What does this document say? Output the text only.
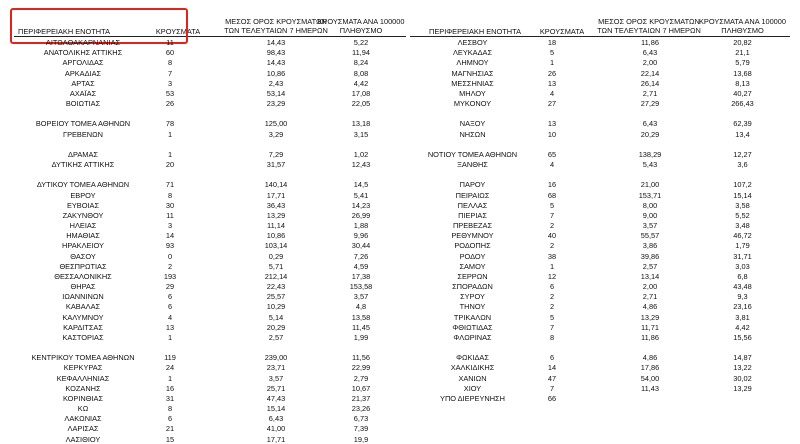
ΠΕΡΙΦΕΡΕΙΑΚΗ ΕΝΟΤΗΤΑ	ΚΡΟΥΣΜΑΤΑ
ΜΕΣΟΣ ΟΡΟΣ ΚΡΟΥΣΜΑΤΩΝ
ΤΩΝ ΤΕΛΕΥΤΑΙΩΝ 7 ΗΜΕΡΩΝ
ΚΡΟΥΣΜΑΤΑ ΑΝΑ 100000
ΠΛΗΘΥΣΜΟ	ΠΕΡΙΦΕΡΕΙΑΚΗ ΕΝΟΤΗΤΑ	ΚΡΟΥΣΜΑΤΑ
ΜΕΣΟΣ ΟΡΟΣ ΚΡΟΥΣΜΑΤΩΝ
ΤΩΝ ΤΕΛΕΥΤΑΙΩΝ 7 ΗΜΕΡΩΝ
ΚΡΟΥΣΜΑΤΑ ΑΝΑ 100000
ΠΛΗΘΥΣΜΟ
ΑΙΤΩΛΟΑΚΑΡΝΑΝΙΑΣ	11	14,43	5,22
ΑΝΑΤΟΛΙΚΗΣ ΑΤΤΙΚΗΣ	60	98,43	11,94
ΑΡΓΟΛΙΔΑΣ	8	14,43	8,24
ΑΡΚΑΔΙΑΣ	7	10,86	8,08
ΑΡΤΑΣ	3	2,43	4,42
ΑΧΑΪΑΣ	53	53,14	17,08
ΒΟΙΩΤΙΑΣ	26	23,29	22,05
ΒΟΡΕΙΟΥ ΤΟΜΕΑ ΑΘΗΝΩΝ	78	125,00	13,18
ΓΡΕΒΕΝΩΝ	1	3,29	3,15
ΔΡΑΜΑΣ	1	7,29	1,02
ΔΥΤΙΚΗΣ ΑΤΤΙΚΗΣ	20	31,57	12,43
ΔΥΤΙΚΟΥ ΤΟΜΕΑ ΑΘΗΝΩΝ	71	140,14	14,5
ΕΒΡΟΥ	8	17,71	5,41
ΕΥΒΟΙΑΣ	30	36,43	14,23
ΖΑΚΥΝΘΟΥ	11	13,29	26,99
ΗΛΕΙΑΣ	3	11,14	1,88
ΗΜΑΘΙΑΣ	14	10,86	9,96
ΗΡΑΚΛΕΙΟΥ	93	103,14	30,44
ΘΑΣΟΥ	0	0,29	7,26
ΘΕΣΠΡΩΤΙΑΣ	2	5,71	4,59
ΘΕΣΣΑΛΟΝΙΚΗΣ	193	212,14	17,38
ΘΗΡΑΣ	29	22,43	153,58
ΙΩΑΝΝΙΝΩΝ	6	25,57	3,57
ΚΑΒΑΛΑΣ	6	10,29	4,8
ΚΑΛΥΜΝΟΥ	4	5,14	13,58
ΚΑΡΔΙΤΣΑΣ	13	20,29	11,45
ΚΑΣΤΟΡΙΑΣ	1	2,57	1,99
ΚΕΝΤΡΙΚΟΥ ΤΟΜΕΑ ΑΘΗΝΩΝ	119	239,00	11,56
ΚΕΡΚΥΡΑΣ	24	23,71	22,99
ΚΕΦΑΛΛΗΝΙΑΣ	1	3,57	2,79
ΚΟΖΑΝΗΣ	16	25,71	10,67
ΚΟΡΙΝΘΙΑΣ	31	47,43	21,37
ΚΩ	8	15,14	23,26
ΛΑΚΩΝΙΑΣ	6	6,43	6,73
ΛΑΡΙΣΑΣ	21	41,00	7,39
ΛΑΣΙΘΙΟΥ	15	17,71	19,9
ΛΕΣΒΟΥ	18	11,86	20,82
ΛΕΥΚΑΔΑΣ	5	6,43	21,1
ΛΗΜΝΟΥ	1	2,00	5,79
ΜΑΓΝΗΣΙΑΣ	26	22,14	13,68
ΜΕΣΣΗΝΙΑΣ	13	26,14	8,13
ΜΗΛΟΥ	4	2,71	40,27
ΜΥΚΟΝΟΥ	27	27,29	266,43
ΝΑΞΟΥ	13	6,43	62,39
ΝΗΣΩΝ	10	20,29	13,4
ΝΟΤΙΟΥ ΤΟΜΕΑ ΑΘΗΝΩΝ	65	138,29	12,27
ΞΑΝΘΗΣ	4	5,43	3,6
ΠΑΡΟΥ	16	21,00	107,2
ΠΕΙΡΑΙΩΣ	68	153,71	15,14
ΠΕΛΛΑΣ	5	8,00	3,58
ΠΙΕΡΙΑΣ	7	9,00	5,52
ΠΡΕΒΕΖΑΣ	2	3,57	3,48
ΡΕΘΥΜΝΟΥ	40	55,57	46,72
ΡΟΔΟΠΗΣ	2	3,86	1,79
ΡΟΔΟΥ	38	39,86	31,71
ΣΑΜΟΥ	1	2,57	3,03
ΣΕΡΡΩΝ	12	13,14	6,8
ΣΠΟΡΑΔΩΝ	6	2,00	43,48
ΣΥΡΟΥ	2	2,71	9,3
ΤΗΝΟΥ	2	4,86	23,16
ΤΡΙΚΑΛΩΝ	5	13,29	3,81
ΦΘΙΩΤΙΔΑΣ	7	11,71	4,42
ΦΛΩΡΙΝΑΣ	8	11,86	15,56
ΦΩΚΙΔΑΣ	6	4,86	14,87
ΧΑΛΚΙΔΙΚΗΣ	14	17,86	13,22
ΧΑΝΙΩΝ	47	54,00	30,02
ΧΙΟΥ	7	11,43	13,29
ΥΠΟ ΔΙΕΡΕΥΝΗΣΗ	66
